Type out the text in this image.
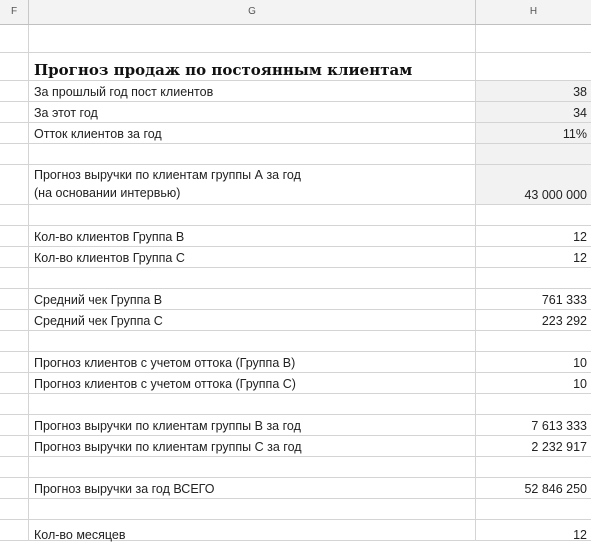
F	G	H
Прогноз продаж по постоянным клиентам
За прошлый год пост клиентов	38
За этот год	34
Отток клиентов за год	11%
Прогноз выручки по клиентам группы А за год
(на основании интервью)	43 000 000
Кол-во клиентов Группа В	12
Кол-во клиентов Группа С	12
Средний чек Группа В	761 333
Средний чек Группа С	223 292
Прогноз клиентов с учетом оттока (Группа В)	10
Прогноз клиентов с учетом оттока (Группа С)	10
Прогноз выручки по клиентам группы В за год	7 613 333
Прогноз выручки по клиентам группы С за год	2 232 917
Прогноз выручки за год ВСЕГО	52 846 250
Кол-во месяцев	12
